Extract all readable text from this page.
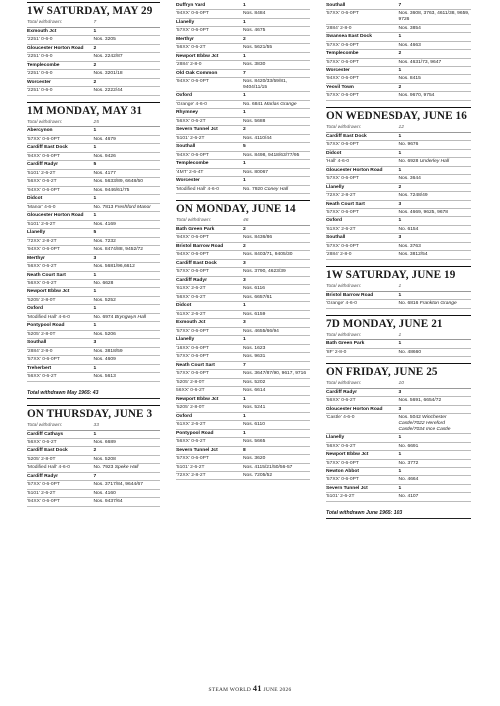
1W SATURDAY, MAY 29
Total withdrawn:	7
Exmouth Jct	1
'2251' 0-6-0	Nos. 3205
Gloucester Horton Road	2
'2251' 0-6-0	Nos. 2242/87
Templecombe	2
'2251' 0-6-0	Nos. 3201/18
Worcester	2
'2251' 0-6-0	Nos. 2222/44
1M MONDAY, MAY 31
Total withdrawn:	25
Abercynon	1
'57XX' 0-6-0PT	Nos. 4679
Cardiff East Dock	1
'94XX' 0-6-0PT	Nos. 9426
Cardiff Radyr	5
'5101' 2-6-2T	Nos. 4177
'56XX' 0-6-2T	Nos. 5633/89, 6648/50
'94XX' 0-6-0PT	Nos. 9446/61/75
Didcot	1
'Manor' 4-6-0	No. 7813 Freshford Manor
Gloucester Horton Road	1
'5101' 2-6-2T	Nos. 4169
Llanelly	5
'72XX' 2-8-2T	Nos. 7232
'94XX' 0-6-0PT	Nos. 8474/88, 9452/72
Merthyr	3
'56XX' 0-6-2T	Nos. 5681/96,6612
Neath Court Sart	1
'56XX' 0-6-2T	No. 6628
Newport Ebbw Jct	1
'5205' 2-8-0T	Nos. 5252
Oxford	1
'Modified Hall' 4-6-0	No. 6974 Bryngwyn Hall
Pontypool Road	1
'5205' 2-8-0T	Nos. 5206
Southall	3
'2884' 2-8-0	Nos. 3818/59
'57XX' 0-6-0PT	Nos. 4609
Treherbert	1
'56XX' 0-6-2T	Nos. 5613
Total withdrawn May 1965: 43
ON THURSDAY, JUNE 3
Total withdrawn:	33
Cardiff Cathays	1
'56XX' 0-6-2T	Nos. 6689
Cardiff East Dock	2
'5205' 2-8-0T	Nos. 5208
'Modified Hall' 4-6-0	No. 7923 Speke Hall
Cardiff Radyr	7
'57XX' 0-6-0PT	Nos. 3717/84, 9644/67
'5101' 2-6-2T	Nos. 4160
'94XX' 0-6-0PT	Nos. 9437/64
Duffryn Yard	1
'94XX' 0-6-0PT	Nos. 8484
Llanelly	1
'57XX' 0-6-0PT	Nos. 4675
Merthyr	2
'56XX' 0-6-2T	Nos. 5621/55
Newport Ebbw Jct	1
'2884' 2-8-0	Nos. 3830
Old Oak Common	7
'94XX' 0-6-0PT	Nos. 8420/33/59/81, 9404/11/15
Oxford	1
'Grange' 4-6-0	No. 6841 Marlas Grange
Rhymney	1
'56XX' 0-6-2T	Nos. 5688
Severn Tunnel Jct	2
'5101' 2-6-2T	Nos. 4110/44
Southall	5
'94XX' 0-6-0PT	Nos. 8498, 9418/63/77/95
Templecombe	1
'4MT' 2-6-4T	Nos. 80067
Worcester	1
'Modified Hall' 4-6-0	No. 7920 Coney Hall
ON MONDAY, JUNE 14
Total withdrawn:	46
Bath Green Park	2
'94XX' 0-6-0PT	Nos. 8436/86
Bristol Barrow Road	2
'94XX' 0-6-0PT	Nos. 8403/71, 9405/30
Cardiff East Dock	3
'57XX' 0-6-0PT	Nos. 3790, 4623/39
Cardiff Radyr	3
'61XX' 2-6-2T	Nos. 6116
'56XX' 0-6-2T	Nos. 6657/61
Didcot	1
'61XX' 2-6-2T	Nos. 6159
Exmouth Jct	3
'57XX' 0-6-0PT	Nos. 4655/66/94
Llanelly	1
'16XX' 0-6-0PT	Nos. 1623
'57XX' 0-6-0PT	Nos. 9631
Neath Court Sart	7
'57XX' 0-6-0PT	Nos. 3647/87/90, 9617, 9716
'5205' 2-8-0T	Nos. 5202
56XX' 0-6-2T	Nos. 6614
Newport Ebbw Jct	1
'5205' 2-8-0T	Nos. 5241
Oxford	1
'61XX' 2-6-2T	Nos. 6110
Pontypool Road	1
'56XX' 0-6-2T	Nos. 5665
Severn Tunnel Jct	8
'57XX' 0-6-0PT	Nos. 3620
'5101' 2-6-2T	Nos. 4115/21/50/56-57
'72XX' 2-8-2T	Nos. 7205/52
Southall	7
'57XX' 0-6-0PT	Nos. 3608, 3763, 4611/38, 9659, 9726
'2884' 2-8-0	Nos. 3854
Swansea East Dock	1
'57XX' 0-6-0PT	Nos. 4663
Templecombe	2
'57XX' 0-6-0PT	Nos. 4631/73, 9647
Worcester	1
'94XX' 0-6-0PT	Nos. 8415
Yeovil Town	2
'57XX' 0-6-0PT	Nos. 9670, 9754
ON WEDNESDAY, JUNE 16
Total withdrawn:	12
Cardiff East Dock	1
'57XX' 0-6-0PT	No. 9676
Didcot	1
'Hall' 4-6-0	No. 6928 Underley Hall
Gloucester Horton Road	1
'57XX' 0-6-0PT	Nos. 3644
Llanelly	2
'72XX' 2-8-2T	Nos. 7248/49
Neath Court Sart	3
'57XX' 0-6-0PT	Nos. 4669, 9625, 9678
Oxford	1
'61XX' 2-6-2T	No. 6154
Southall	3
'57XX' 0-6-0PT	Nos. 3763
'2884' 2-8-0	Nos. 3812/54
1W SATURDAY, JUNE 19
Total withdrawn:	1
Bristol Barrow Road	1
'Grange' 4-6-0	No. 6816 Frankton Grange
7D MONDAY, JUNE 21
Total withdrawn:	1
Bath Green Park	1
'8F' 2-8-0	No. 48660
ON FRIDAY, JUNE 25
Total withdrawn:	10
Cardiff Radyr	3
'56XX' 0-6-2T	Nos. 5691, 6654/72
Gloucester Horton Road	3
'Castle' 4-6-0	Nos. 5042 Winchester Castle/7022 Hereford Castle/7034 Ince Castle
Llanelly	1
'56XX' 0-6-2T	No. 6691
Newport Ebbw Jct	1
'57XX' 0-6-0PT	No. 3772
Newton Abbot	1
'57XX' 0-6-0PT	No. 4664
Severn Tunnel Jct	1
'5101' 2-6-2T	No. 4107
Total withdrawn June 1965: 103
STEAM WORLD 41 JUNE 2026
